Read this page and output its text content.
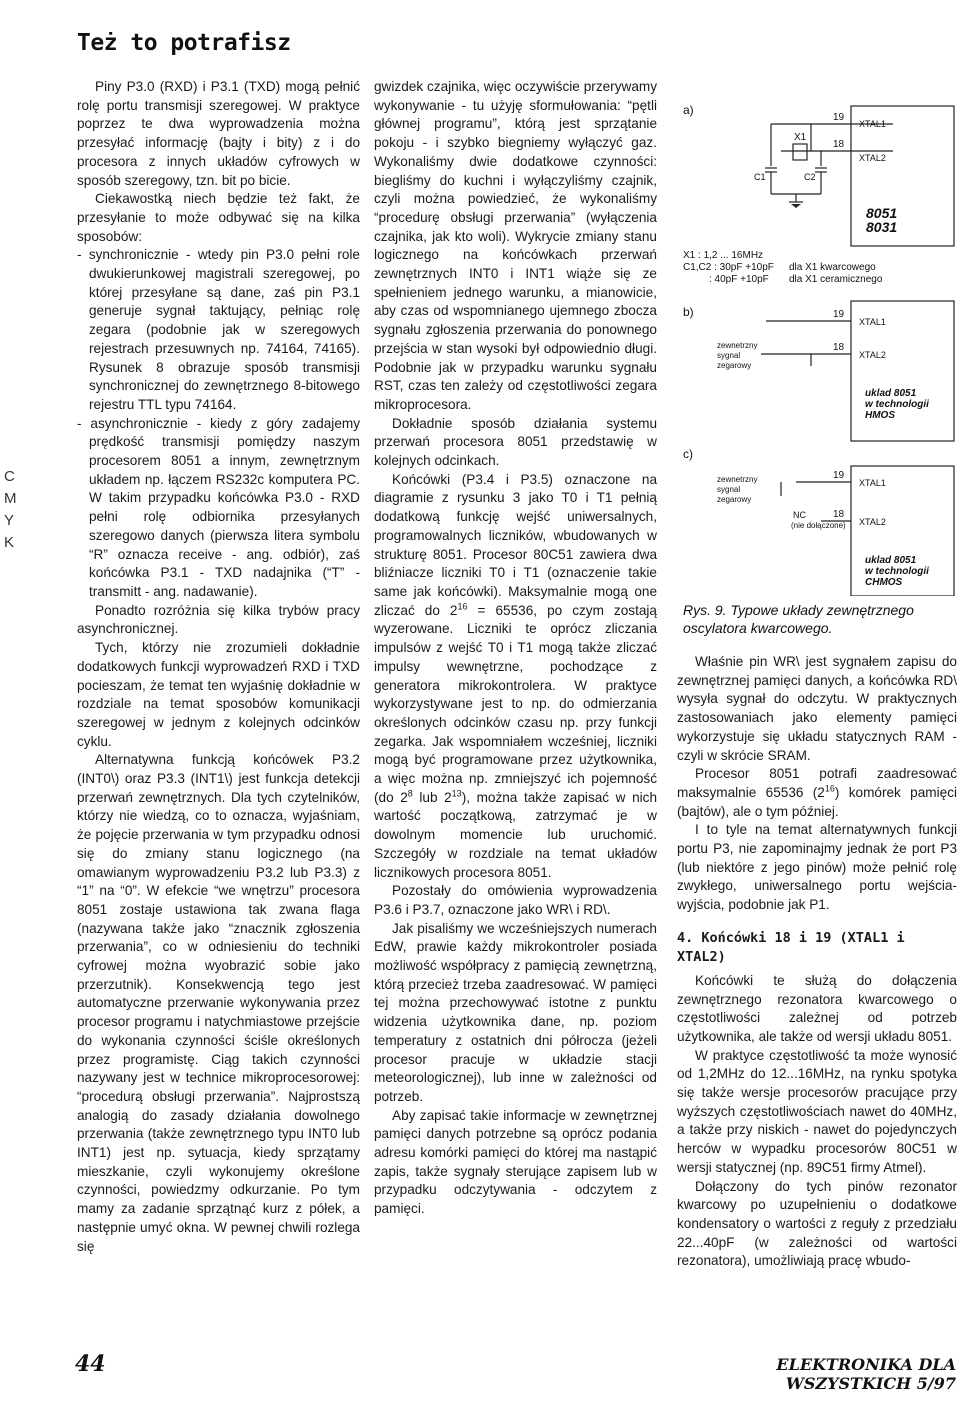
Też to potrafisz
C
M
Y
K

Piny P3.0 (RXD) i P3.1 (TXD) mogą pełnić rolę portu transmisji szeregowej. W praktyce poprzez te dwa wyprowadzenia można przesyłać informację (bajty i bity) z i do procesora z innych układów cyfrowych w sposób szeregowy, tzn. bit po bicie.

Ciekawostką niech będzie też fakt, że przesyłanie to może odbywać się na kilka sposobów:

- synchronicznie - wtedy pin P3.0 pełni role dwukierunkowej magistrali szeregowej, po której przesyłane są dane, zaś pin P3.1 generuje sygnał taktujący, pełniąc rolę zegara (podobnie jak w szeregowych rejestrach przesuwnych np. 74164, 74165). Rysunek 8 obrazuje sposób transmisji synchronicznej do zewnętrznego 8-bitowego rejestru TTL typu 74164.

- asynchronicznie - kiedy z góry zadajemy prędkość transmisji pomiędzy naszym procesorem 8051 a innym, zewnętrznym układem np. łączem RS232c komputera PC. W takim przypadku końcówka P3.0 - RXD pełni rolę odbiornika przesyłanych szeregowo danych (pierwsza litera symbolu “R” oznacza receive - ang. odbiór), zaś końcówka P3.1 - TXD nadajnika (“T” - transmitt - ang. nadawanie).

Ponadto rozróżnia się kilka trybów pracy asynchronicznej.

Tych, którzy nie zrozumieli dokładnie dodatkowych funkcji wyprowadzeń RXD i TXD pocieszam, że temat ten wyjaśnię dokładnie w rozdziale na temat sposobów komunikacji szeregowej w jednym z kolejnych odcinków cyklu.

Alternatywna funkcją końcówek P3.2 (INT0\) oraz P3.3 (INT1\) jest funkcja detekcji przerwań zewnętrznych. Dla tych czytelników, którzy nie wiedzą, co to oznacza, wyjaśniam, że pojęcie przerwania w tym przypadku odnosi się do zmiany stanu logicznego (na omawianym wyprowadzeniu P3.2 lub P3.3) z “1” na “0”. W efekcie “we wnętrzu” procesora 8051 zostaje ustawiona tak zwana flaga (nazywana także jako “znacznik zgłoszenia przerwania”, co w odniesieniu do techniki cyfrowej można wyobrazić sobie jako przerzutnik). Konsekwencją tego jest automatyczne przerwanie wykonywania przez procesor programu i natychmiastowe przejście do wykonania czynności ściśle określonych przez programistę. Ciąg takich czynności nazywany jest w technice mikroprocesorowej: “procedurą obsługi przerwania”. Najprostszą analogią do zasady działania dowolnego przerwania (także zewnętrznego typu INT0 lub INT1) jest np. sytuacja, kiedy sprzątamy mieszkanie, czyli wykonujemy określone czynności, powiedzmy odkurzanie. Po tym mamy za zadanie sprzątnąć kurz z półek, a następnie umyć okna. W pewnej chwili rozlega się

gwizdek czajnika, więc oczywiście przerywamy wykonywanie - tu użyję sformułowania: “pętli głównej programu”, którą jest sprzątanie pokoju - i szybko biegniemy wyłączyć gaz. Wykonaliśmy dwie dodatkowe czynności: biegliśmy do kuchni i wyłączyliśmy czajnik, czyli można powiedzieć, że wykonaliśmy “procedurę obsługi przerwania” (wyłączenia czajnika, jak kto woli). Wykrycie zmiany stanu logicznego na końcówkach przerwań zewnętrznych INT0 i INT1 wiąże się ze spełnieniem jednego warunku, a mianowicie, aby czas od wspomnianego ujemnego zbocza sygnału zgłoszenia przerwania do ponownego przejścia w stan wysoki był odpowiednio długi. Podobnie jak w przypadku warunku sygnału RST, czas ten zależy od częstotliwości zegara mikroprocesora.

Dokładnie sposób działania systemu przerwań procesora 8051 przedstawię w kolejnych odcinkach.

Końcówki (P3.4 i P3.5) oznaczone na diagramie z rysunku 3 jako T0 i T1 pełnią dodatkową funkcję wejść uniwersalnych, programowalnych liczników, wbudowanych w strukturę 8051. Procesor 80C51 zawiera dwa bliźniacze liczniki T0 i T1 (oznaczenie takie same jak końcówki). Maksymalnie mogą one zliczać do $2^{16} = 65536$, po czym zostają wyzerowane. Liczniki te oprócz zliczania impulsów z wejść T0 i T1 mogą także zliczać impulsy wewnętrzne, pochodzące z generatora mikrokontrolera. W praktyce wykorzystywane jest to np. do odmierzania określonych odcinków czasu np. przy funkcji zegarka. Jak wspomniałem wcześniej, liczniki mogą być programowane przez użytkownika, a więc można np. zmniejszyć ich pojemność (do $2^8$ lub $2^{13}$), można także zapisać w nich wartość początkową, zatrzymać je w dowolnym momencie lub uruchomić. Szczegóły w rozdziale na temat układów licznikowych procesora 8051.

Pozostały do omówienia wyprowadzenia P3.6 i P3.7, oznaczone jako WR\ i RD\.

Jak pisaliśmy we wcześniejszych numerach EdW, prawie każdy mikrokontroler posiada możliwość współpracy z pamięcią zewnętrzną, którą przecież trzeba zaadresować. W pamięci tej można przechowywać istotne z punktu widzenia użytkownika dane, np. poziom temperatury z ostatnich dni półrocza (jeżeli procesor pracuje w układzie stacji meteorologicznej), lub inne w zależności od potrzeb.

Aby zapisać takie informacje w zewnętrznej pamięci danych potrzebne są oprócz podania adresu komórki pamięci do której ma nastąpić zapis, także sygnały sterujące zapisem lub w przypadku odczytywania - odczytem z pamięci.

a)
19
18
XTAL1
XTAL2
X1
C1	C2
8051
8031
X1 : 1,2 ... 16MHz
C1,C2 : 30pF +10pF
: 40pF +10pF
dla X1 kwarcowego
dla X1 ceramicznego
b)	19
18
XTAL1
XTAL2
zewnetrzny
sygnal
zegarowy
uklad 8051
w technologii
HMOS
c)
19
18
XTAL1
XTAL2
zewnetrzny
sygnal
zegarowy
NC
(nie dołączone)
uklad 8051
w technologii
CHMOS
Rys. 9. Typowe układy zewnętrznego oscylatora kwarcowego.

Właśnie pin WR\ jest sygnałem zapisu do zewnętrznej pamięci danych, a końcówka RD\ wysyła sygnał do odczytu. W praktycznych zastosowaniach jako elementy pamięci wykorzystuje się układu statycznych RAM - czyli w skrócie SRAM.

Procesor 8051 potrafi zaadresować maksymalnie 65536 $(2^{16})$ komórek pamięci (bajtów), ale o tym później.

I to tyle na temat alternatywnych funkcji portu P3, nie zapominajmy jednak że port P3 (lub niektóre z jego pinów) może pełnić rolę zwykłego, uniwersalnego portu wejścia- wyjścia, podobnie jak P1.

4. Końcówki 18 i 19 (XTAL1 i XTAL2)

Końcówki te służą do dołączenia zewnętrznego rezonatora kwarcowego o częstotliwości zależnej od potrzeb użytkownika, ale także od wersji układu 8051.

W praktyce częstotliwość ta może wynosić od 1,2MHz do 12...16MHz, na rynku spotyka się także wersje procesorów pracujące przy wyższych częstotliwościach nawet do 40MHz, a także przy niskich - nawet do pojedynczych herców w wypadku procesorów 80C51 w wersji statycznej (np. 89C51 firmy Atmel).

Dołączony do tych pinów rezonator kwarcowy po uzupełnieniu o dodatkowe kondensatory o wartości z reguły z przedziału 22...40pF (w zależności od wartości rezonatora), umożliwiają pracę wbudo-

44	ELEKTRONIKA DLA WSZYSTKICH 5/97
